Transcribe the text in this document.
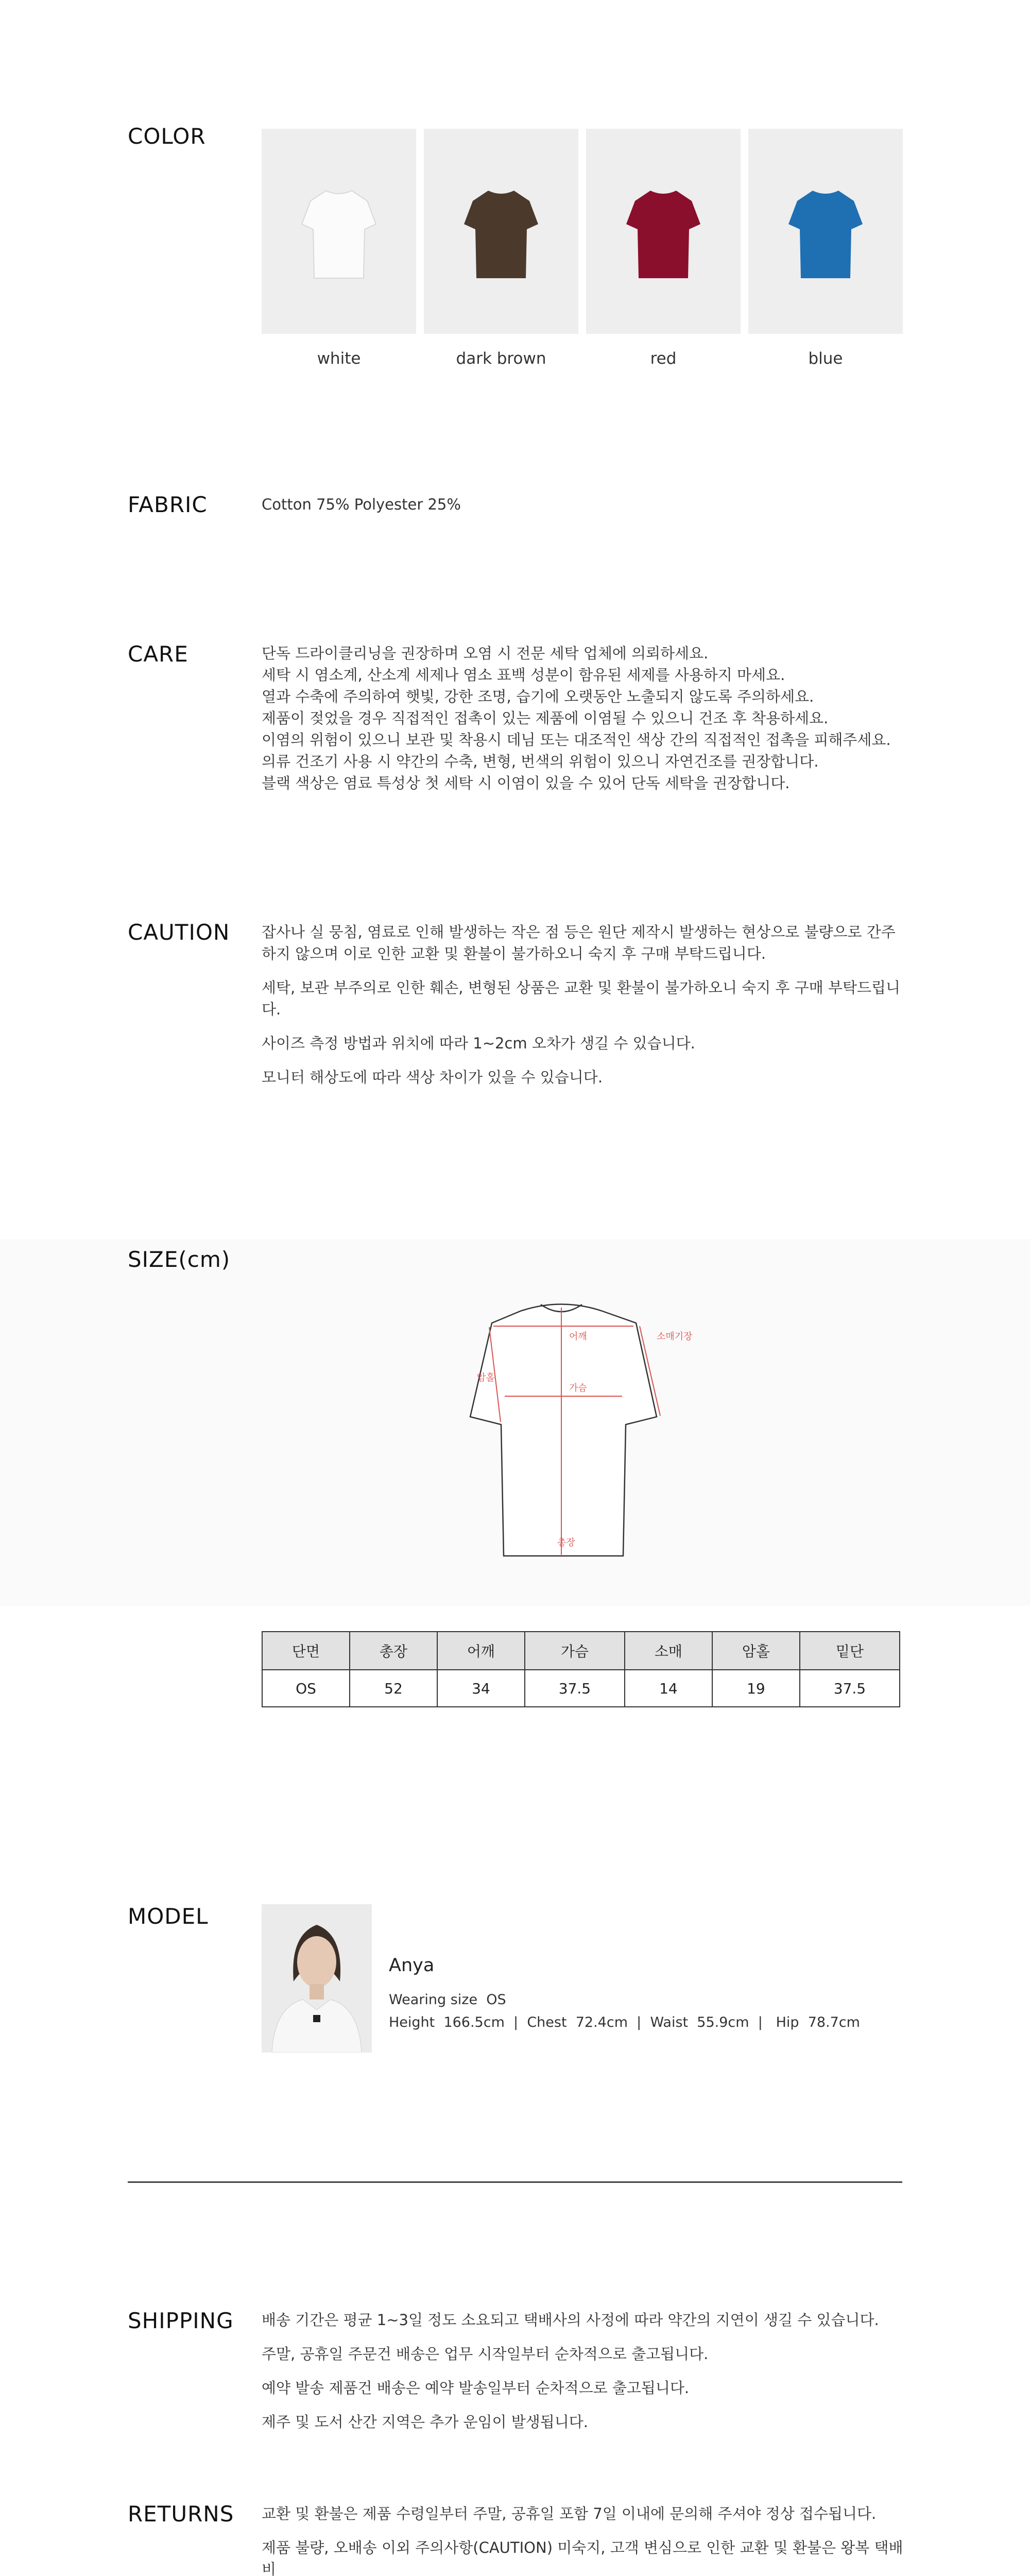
COLOR
white	dark brown	red	blue
FABRIC	Cotton 75% Polyester 25%
CARE	단독 드라이클리닝을 권장하며 오염 시 전문 세탁 업체에 의뢰하세요.

세탁 시 염소계, 산소계 세제나 염소 표백 성분이 함유된 세제를 사용하지 마세요.

열과 수축에 주의하여 햇빛, 강한 조명, 습기에 오랫동안 노출되지 않도록 주의하세요.

제품이 젖었을 경우 직접적인 접촉이 있는 제품에 이염될 수 있으니 건조 후 착용하세요.

이염의 위험이 있으니 보관 및 착용시 데님 또는 대조적인 색상 간의 직접적인 접촉을 피해주세요.

의류 건조기 사용 시 약간의 수축, 변형, 번색의 위험이 있으니 자연건조를 권장합니다.

블랙 색상은 염료 특성상 첫 세탁 시 이염이 있을 수 있어 단독 세탁을 권장합니다.

CAUTION 잡사나 실 뭉침, 염료로 인해 발생하는 작은 점 등은 원단 제작시 발생하는 현상으로 불량으로 간주

하지 않으며 이로 인한 교환 및 환불이 불가하오니 숙지 후 구매 부탁드립니다.

세탁, 보관 부주의로 인한 훼손, 변형된 상품은 교환 및 환불이 불가하오니 숙지 후 구매 부탁드립니다.

사이즈 측정 방법과 위치에 따라 1~2cm 오차가 생길 수 있습니다.

모니터 해상도에 따라 색상 차이가 있을 수 있습니다.

SIZE(cm)
어깨	소매기장
암홀
가슴
총장
단면	총장	어깨	가슴	소매	암홀	밑단
OS	52	34	37.5	14	19	37.5
MODEL
Anya
Wearing size OS
Height 166.5cm  |  Chest 72.4cm  |  Waist 55.9cm  |   Hip 78.7cm
SHIPPING 배송 기간은 평균 1~3일 정도 소요되고 택배사의 사정에 따라 약간의 지연이 생길 수 있습니다.

주말, 공휴일 주문건 배송은 업무 시작일부터 순차적으로 출고됩니다.

예약 발송 제품건 배송은 예약 발송일부터 순차적으로 출고됩니다.

제주 및 도서 산간 지역은 추가 운임이 발생됩니다.

RETURNS 교환 및 환불은 제품 수령일부터 주말, 공휴일 포함 7일 이내에 문의해 주셔야 정상 접수됩니다.

제품 불량, 오배송 이외 주의사항(CAUTION) 미숙지, 고객 변심으로 인한 교환 및 환불은 왕복 택배비
